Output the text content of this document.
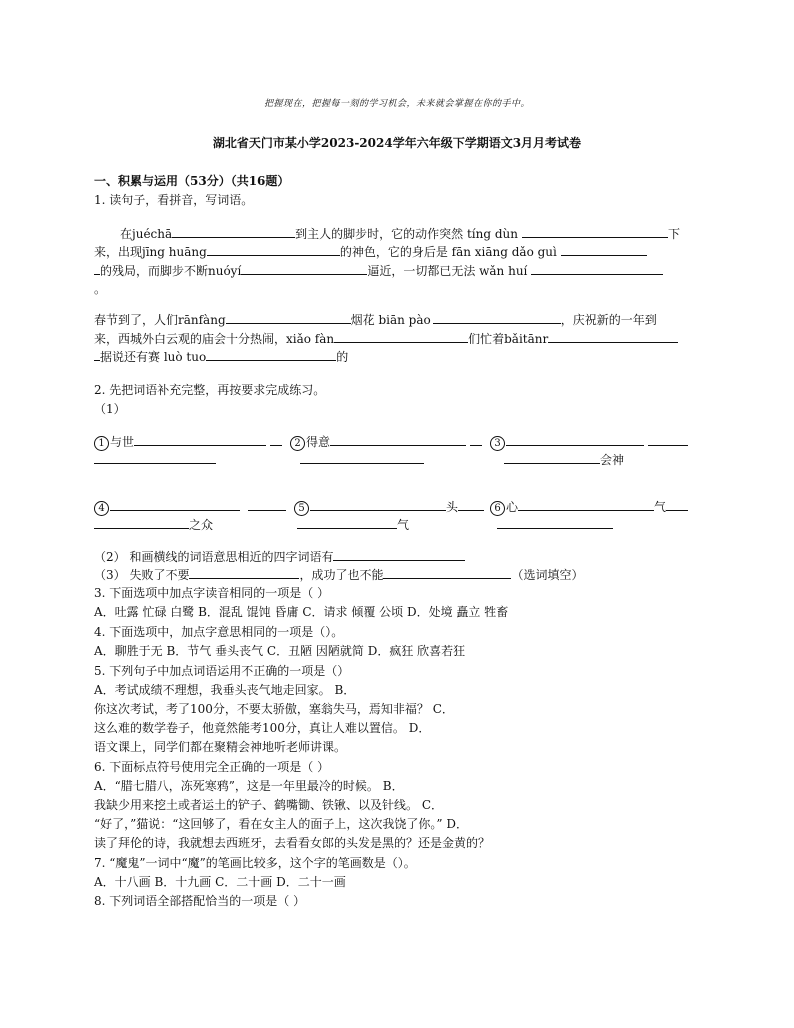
把握现在，把握每一刻的学习机会，未来就会掌握在你的手中。
湖北省天门市某小学2023-2024学年六年级下学期语文3月月考试卷
一、积累与运用（53分）（共16题）
1. 读句子，看拼音，写词语。
在juéchā	到主人的脚步时，它的动作突然 tíng dùn	下
来，出现jīng huāng	的神色，它的身后是 fān xiāng dǎo guì
的残局，而脚步不断nuóyí	逼近，一切都已无法 wǎn huí
。
春节到了，人们rānfàng	烟花 biān pào	，庆祝新的一年到
来，西城外白云观的庙会十分热闹，xiǎo fàn	们忙着bǎitānr
据说还有赛 luò tuo	的
2. 先把词语补充完整，再按要求完成练习。
（1）
1 与世	2 得意	3
会神
4	5	头	6 心	气
之众	气
（2） 和画横线的词语意思相近的四字词语有
（3） 失败了不要	，成功了也不能	（选词填空）
3. 下面选项中加点字读音相同的一项是（ ）
A．吐露 忙碌 白鹭 B．混乱 馄饨 昏庸 C．请求 倾覆 公顷 D．处境 矗立 牲畜
4. 下面选项中，加点字意思相同的一项是（）。
A．聊胜于无 B．节气 垂头丧气 C．丑陋 因陋就简 D．疯狂 欣喜若狂
5. 下列句子中加点词语运用不正确的一项是（）
A．考试成绩不理想，我垂头丧气地走回家。 B．
你这次考试，考了100分，不要太骄傲，塞翁失马，焉知非福？ C．
这么难的数学卷子，他竟然能考100分，真让人难以置信。 D．
语文课上，同学们都在聚精会神地听老师讲课。
6. 下面标点符号使用完全正确的一项是（ ）
A．“腊七腊八，冻死寒鸦”，这是一年里最冷的时候。 B．
我缺少用来挖土或者运土的铲子、鹤嘴锄、铁锹、以及针线。 C．
“好了，”猫说：“这回够了，看在女主人的面子上，这次我饶了你。” D．
读了拜伦的诗，我就想去西班牙，去看看女郎的头发是黑的？还是金黄的？
7. “魔鬼”一词中“魔”的笔画比较多，这个字的笔画数是（）。
A．十八画 B．十九画 C．二十画 D．二十一画
8. 下列词语全部搭配恰当的一项是（ ）
